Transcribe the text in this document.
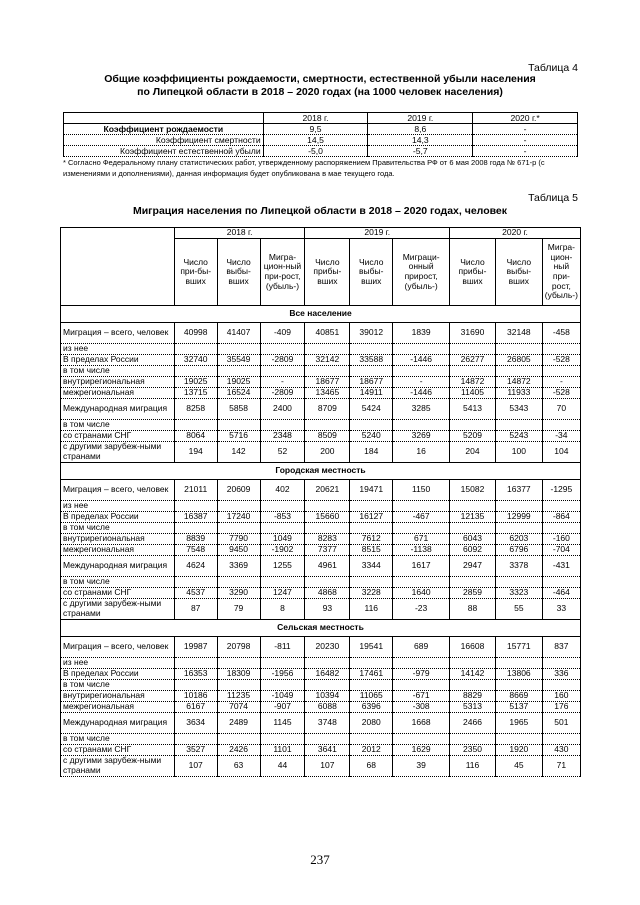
Таблица 4
Общие коэффициенты рождаемости, смертности, естественной убыли населения
по Липецкой области в 2018 – 2020 годах (на 1000 человек населения)
	2018 г.	2019 г.	2020 г.*
Коэффициент рождаемости	9,5	8,6	-
Коэффициент смертности	14,5	14,3	-
Коэффициент естественной убыли	-5,0	-5,7	-
* Согласно Федеральному плану статистических работ, утвержденному распоряжением Правительства РФ от 6 мая 2008 года № 671-р (с изменениями и дополнениями), данная информация будет опубликована в мае текущего года.
Таблица 5
Миграция населения по Липецкой области в 2018 – 2020 годах, человек
	2018 г.			2019 г.			2020 г.		
	Число при-бы-вших	Число выбы-вших	Мигра-цион-ный при-рост, (убыль-)	Число прибы-вших	Число выбы-вших	Миграци-онный прирост, (убыль-)	Число прибы-вших	Число выбы-вших	Мигра-цион-ный при-рост, (убыль-)
Все население									
Миграция – всего, человек	40998	41407	-409	40851	39012	1839	31690	32148	-458
из нее									
В пределах России	32740	35549	-2809	32142	33588	-1446	26277	26805	-528
в том числе									
внутрирегиональная	19025	19025	-	18677	18677	-	14872	14872	-
межрегиональная	13715	16524	-2809	13465	14911	-1446	11405	11933	-528
Международная миграция	8258	5858	2400	8709	5424	3285	5413	5343	70
в том числе									
со странами СНГ	8064	5716	2348	8509	5240	3269	5209	5243	-34
с другими зарубеж-ными странами	194	142	52	200	184	16	204	100	104
Городская местность									
Миграция – всего, человек	21011	20609	402	20621	19471	1150	15082	16377	-1295
из нее									
В пределах России	16387	17240	-853	15660	16127	-467	12135	12999	-864
в том числе									
внутрирегиональная	8839	7790	1049	8283	7612	671	6043	6203	-160
межрегиональная	7548	9450	-1902	7377	8515	-1138	6092	6796	-704
Международная миграция	4624	3369	1255	4961	3344	1617	2947	3378	-431
в том числе									
со странами СНГ	4537	3290	1247	4868	3228	1640	2859	3323	-464
с другими зарубеж-ными странами	87	79	8	93	116	-23	88	55	33
Сельская местность									
Миграция – всего, человек	19987	20798	-811	20230	19541	689	16608	15771	837
из нее									
В пределах России	16353	18309	-1956	16482	17461	-979	14142	13806	336
в том числе									
внутрирегиональная	10186	11235	-1049	10394	11065	-671	8829	8669	160
межрегиональная	6167	7074	-907	6088	6396	-308	5313	5137	176
Международная миграция	3634	2489	1145	3748	2080	1668	2466	1965	501
в том числе									
со странами СНГ	3527	2426	1101	3641	2012	1629	2350	1920	430
с другими зарубеж-ными странами	107	63	44	107	68	39	116	45	71
237
